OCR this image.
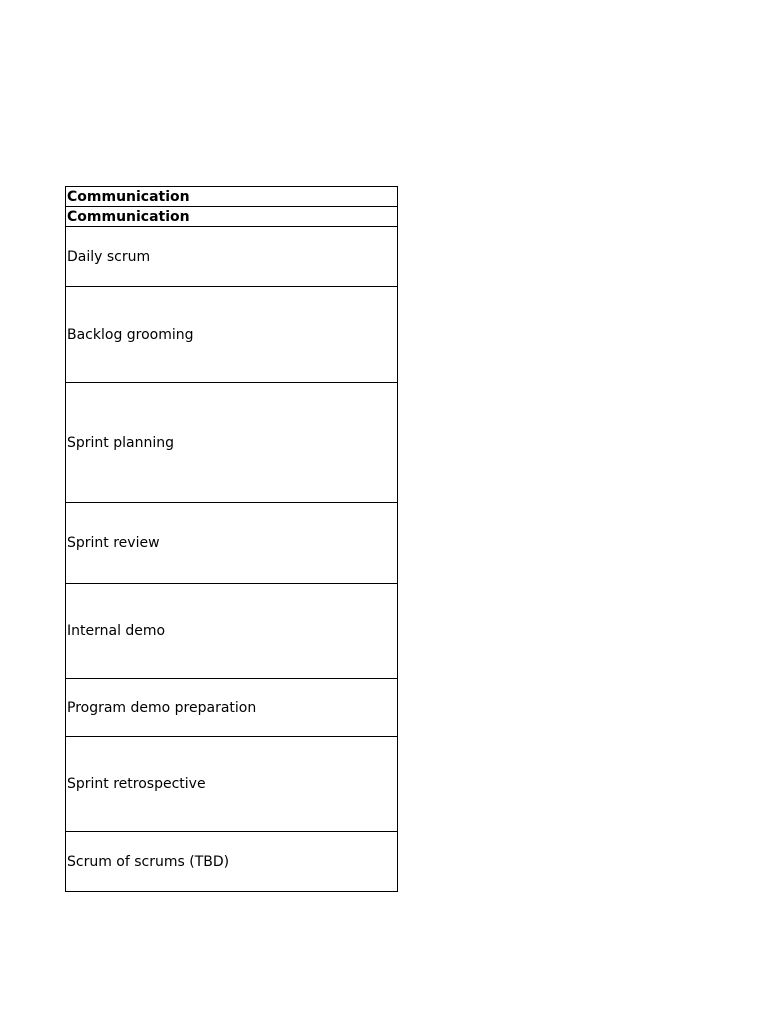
Communication
Communication
Daily scrum
Backlog grooming
Sprint planning
Sprint review
Internal demo
Program demo preparation
Sprint retrospective
Scrum of scrums (TBD)
